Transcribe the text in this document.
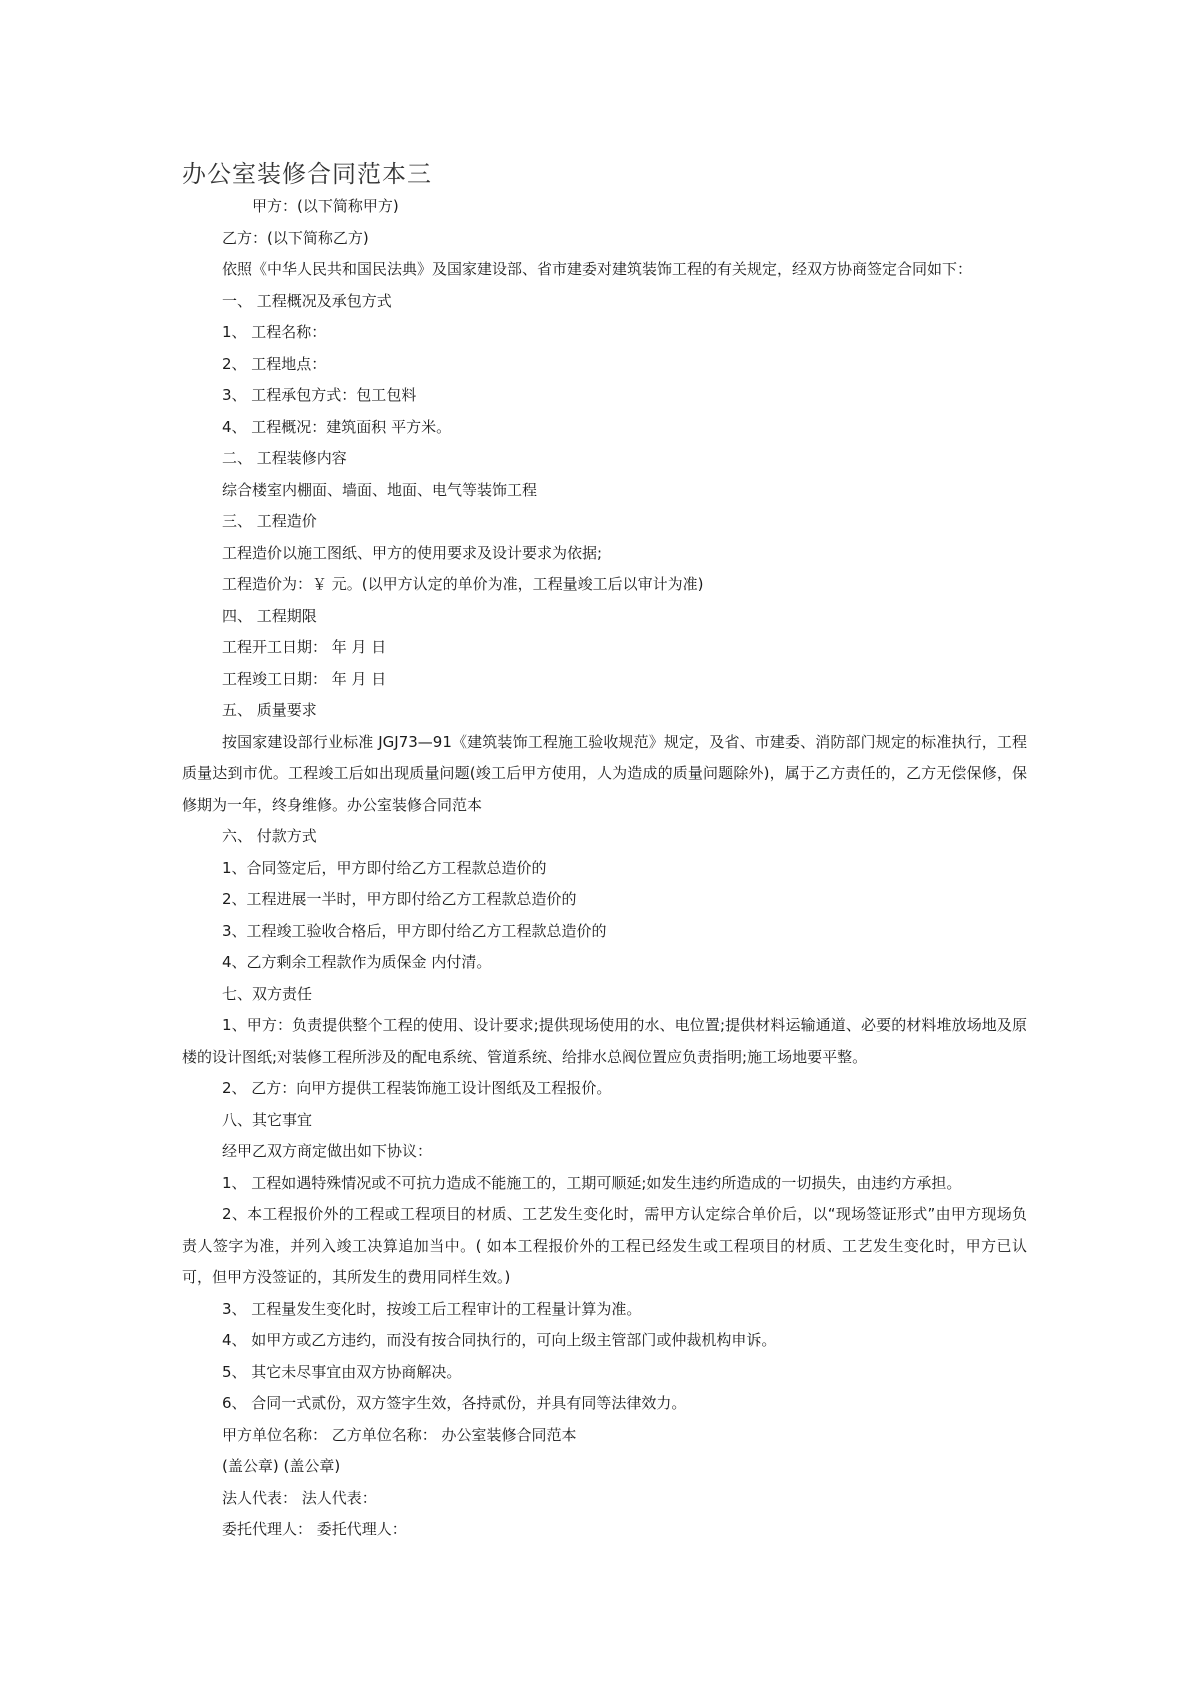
办公室装修合同范本三
甲方：(以下简称甲方)
乙方：(以下简称乙方)
依照《中华人民共和国民法典》及国家建设部、省市建委对建筑装饰工程的有关规定，经双方协商签定合同如下：
一、 工程概况及承包方式
1、 工程名称：
2、 工程地点：
3、 工程承包方式：包工包料
4、 工程概况：建筑面积 平方米。
二、 工程装修内容
综合楼室内棚面、墙面、地面、电气等装饰工程
三、 工程造价
工程造价以施工图纸、甲方的使用要求及设计要求为依据;
工程造价为：￥ 元。(以甲方认定的单价为准，工程量竣工后以审计为准)
四、 工程期限
工程开工日期： 年 月 日
工程竣工日期： 年 月 日
五、 质量要求
按国家建设部行业标准 JGJ73—91《建筑装饰工程施工验收规范》规定，及省、市建委、消防部门规定的标准执行，工程质量达到市优。工程竣工后如出现质量问题(竣工后甲方使用，人为造成的质量问题除外)，属于乙方责任的，乙方无偿保修，保修期为一年，终身维修。办公室装修合同范本
六、 付款方式
1、合同签定后，甲方即付给乙方工程款总造价的
2、工程进展一半时，甲方即付给乙方工程款总造价的
3、工程竣工验收合格后，甲方即付给乙方工程款总造价的
4、乙方剩余工程款作为质保金 内付清。
七、双方责任
1、甲方：负责提供整个工程的使用、设计要求;提供现场使用的水、电位置;提供材料运输通道、必要的材料堆放场地及原楼的设计图纸;对装修工程所涉及的配电系统、管道系统、给排水总阀位置应负责指明;施工场地要平整。
2、 乙方：向甲方提供工程装饰施工设计图纸及工程报价。
八、其它事宜
经甲乙双方商定做出如下协议：
1、 工程如遇特殊情况或不可抗力造成不能施工的，工期可顺延;如发生违约所造成的一切损失，由违约方承担。
2、本工程报价外的工程或工程项目的材质、工艺发生变化时，需甲方认定综合单价后，以“现场签证形式”由甲方现场负责人签字为准，并列入竣工决算追加当中。( 如本工程报价外的工程已经发生或工程项目的材质、工艺发生变化时，甲方已认可，但甲方没签证的，其所发生的费用同样生效。)
3、 工程量发生变化时，按竣工后工程审计的工程量计算为准。
4、 如甲方或乙方违约，而没有按合同执行的，可向上级主管部门或仲裁机构申诉。
5、 其它未尽事宜由双方协商解决。
6、 合同一式贰份，双方签字生效，各持贰份，并具有同等法律效力。
甲方单位名称： 乙方单位名称： 办公室装修合同范本
(盖公章) (盖公章)
法人代表： 法人代表：
委托代理人： 委托代理人：
